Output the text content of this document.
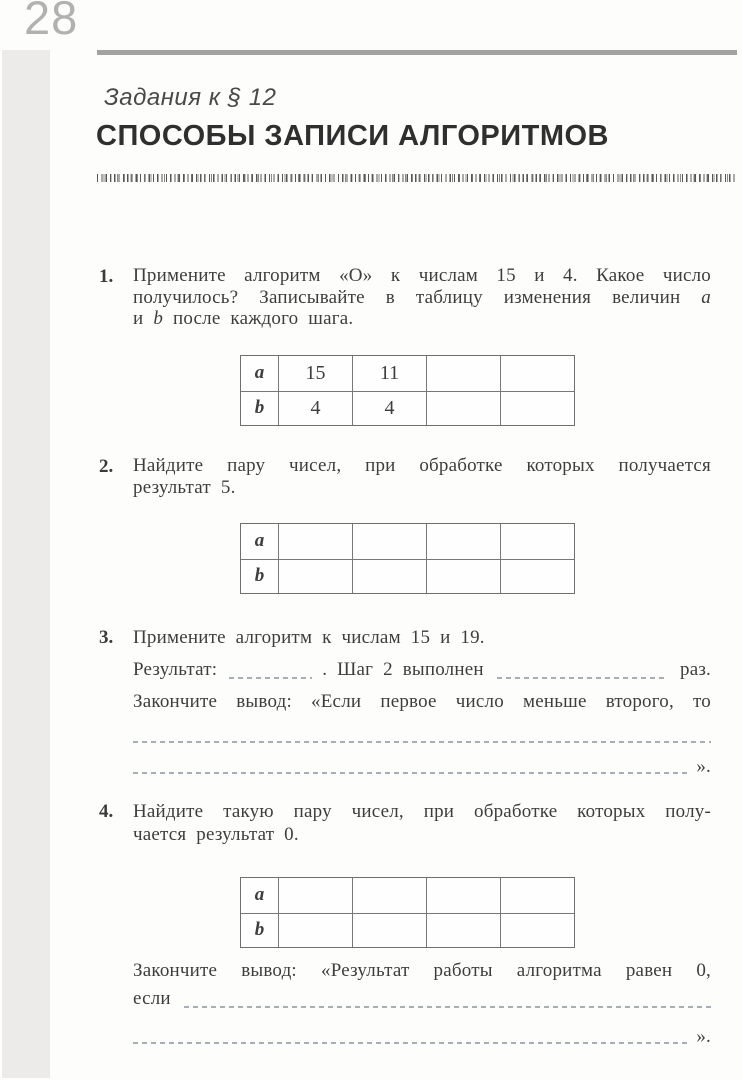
28
Задания к § 12
СПОСОБЫ ЗАПИСИ АЛГОРИТМОВ
1.	Примените алгоритм «О» к числам 15 и 4. Какое число
получилось? Записывайте в таблицу изменения величин a
и b после каждого шага.
a	15	11
b	4	4
2.	Найдите пару чисел, при обработке которых получается
результат 5.
a
b
3.	Примените алгоритм к числам 15 и 19.
Результат:	. Шаг 2 выполнен	раз.
Закончите вывод: «Если первое число меньше второго, то
».
4.	Найдите такую пару чисел, при обработке которых полу-
чается результат 0.
a
b
Закончите вывод: «Результат работы алгоритма равен 0,
если
».
